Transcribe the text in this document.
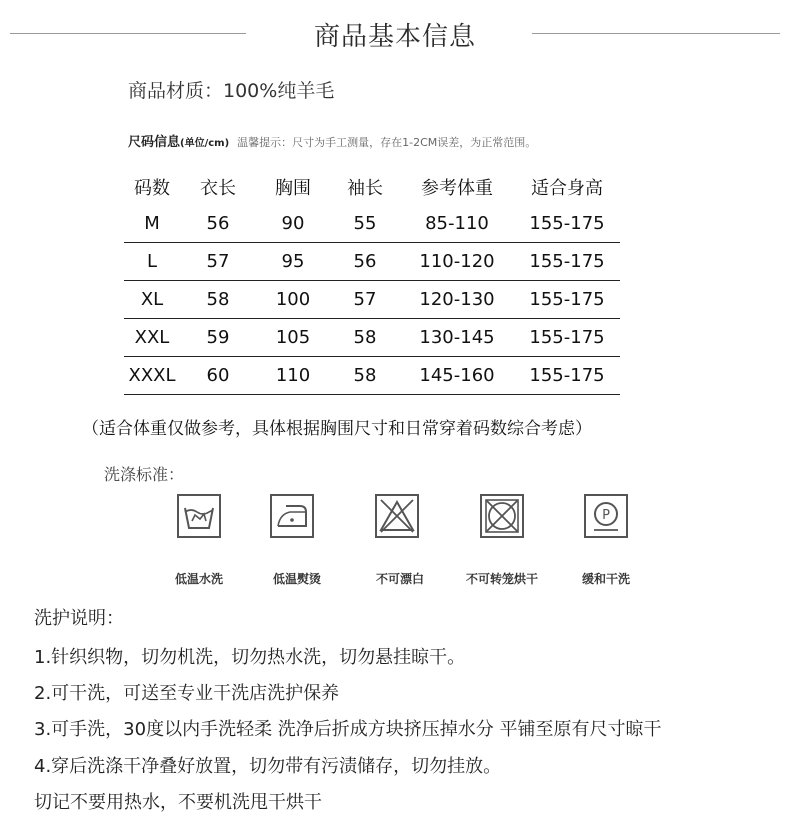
商品基本信息
商品材质：100%纯羊毛
尺码信息(单位/cm) 温馨提示：尺寸为手工测量，存在1-2CM误差，为正常范围。
码数	衣长	胸围	袖长	参考体重	适合身高
M	56	90	55	85-110	155-175
L	57	95	56	110-120	155-175
XL	58	100	57	120-130	155-175
XXL	59	105	58	130-145	155-175
XXXL	60	110	58	145-160	155-175
（适合体重仅做参考，具体根据胸围尺寸和日常穿着码数综合考虑）
洗涤标准：
P
低温水洗	低温熨烫	不可漂白	不可转笼烘干	缓和干洗
洗护说明：
1.针织织物，切勿机洗，切勿热水洗，切勿悬挂晾干。
2.可干洗，可送至专业干洗店洗护保养
3.可手洗，30度以内手洗轻柔 洗净后折成方块挤压掉水分 平铺至原有尺寸晾干
4.穿后洗涤干净叠好放置，切勿带有污渍储存，切勿挂放。
切记不要用热水，不要机洗甩干烘干
